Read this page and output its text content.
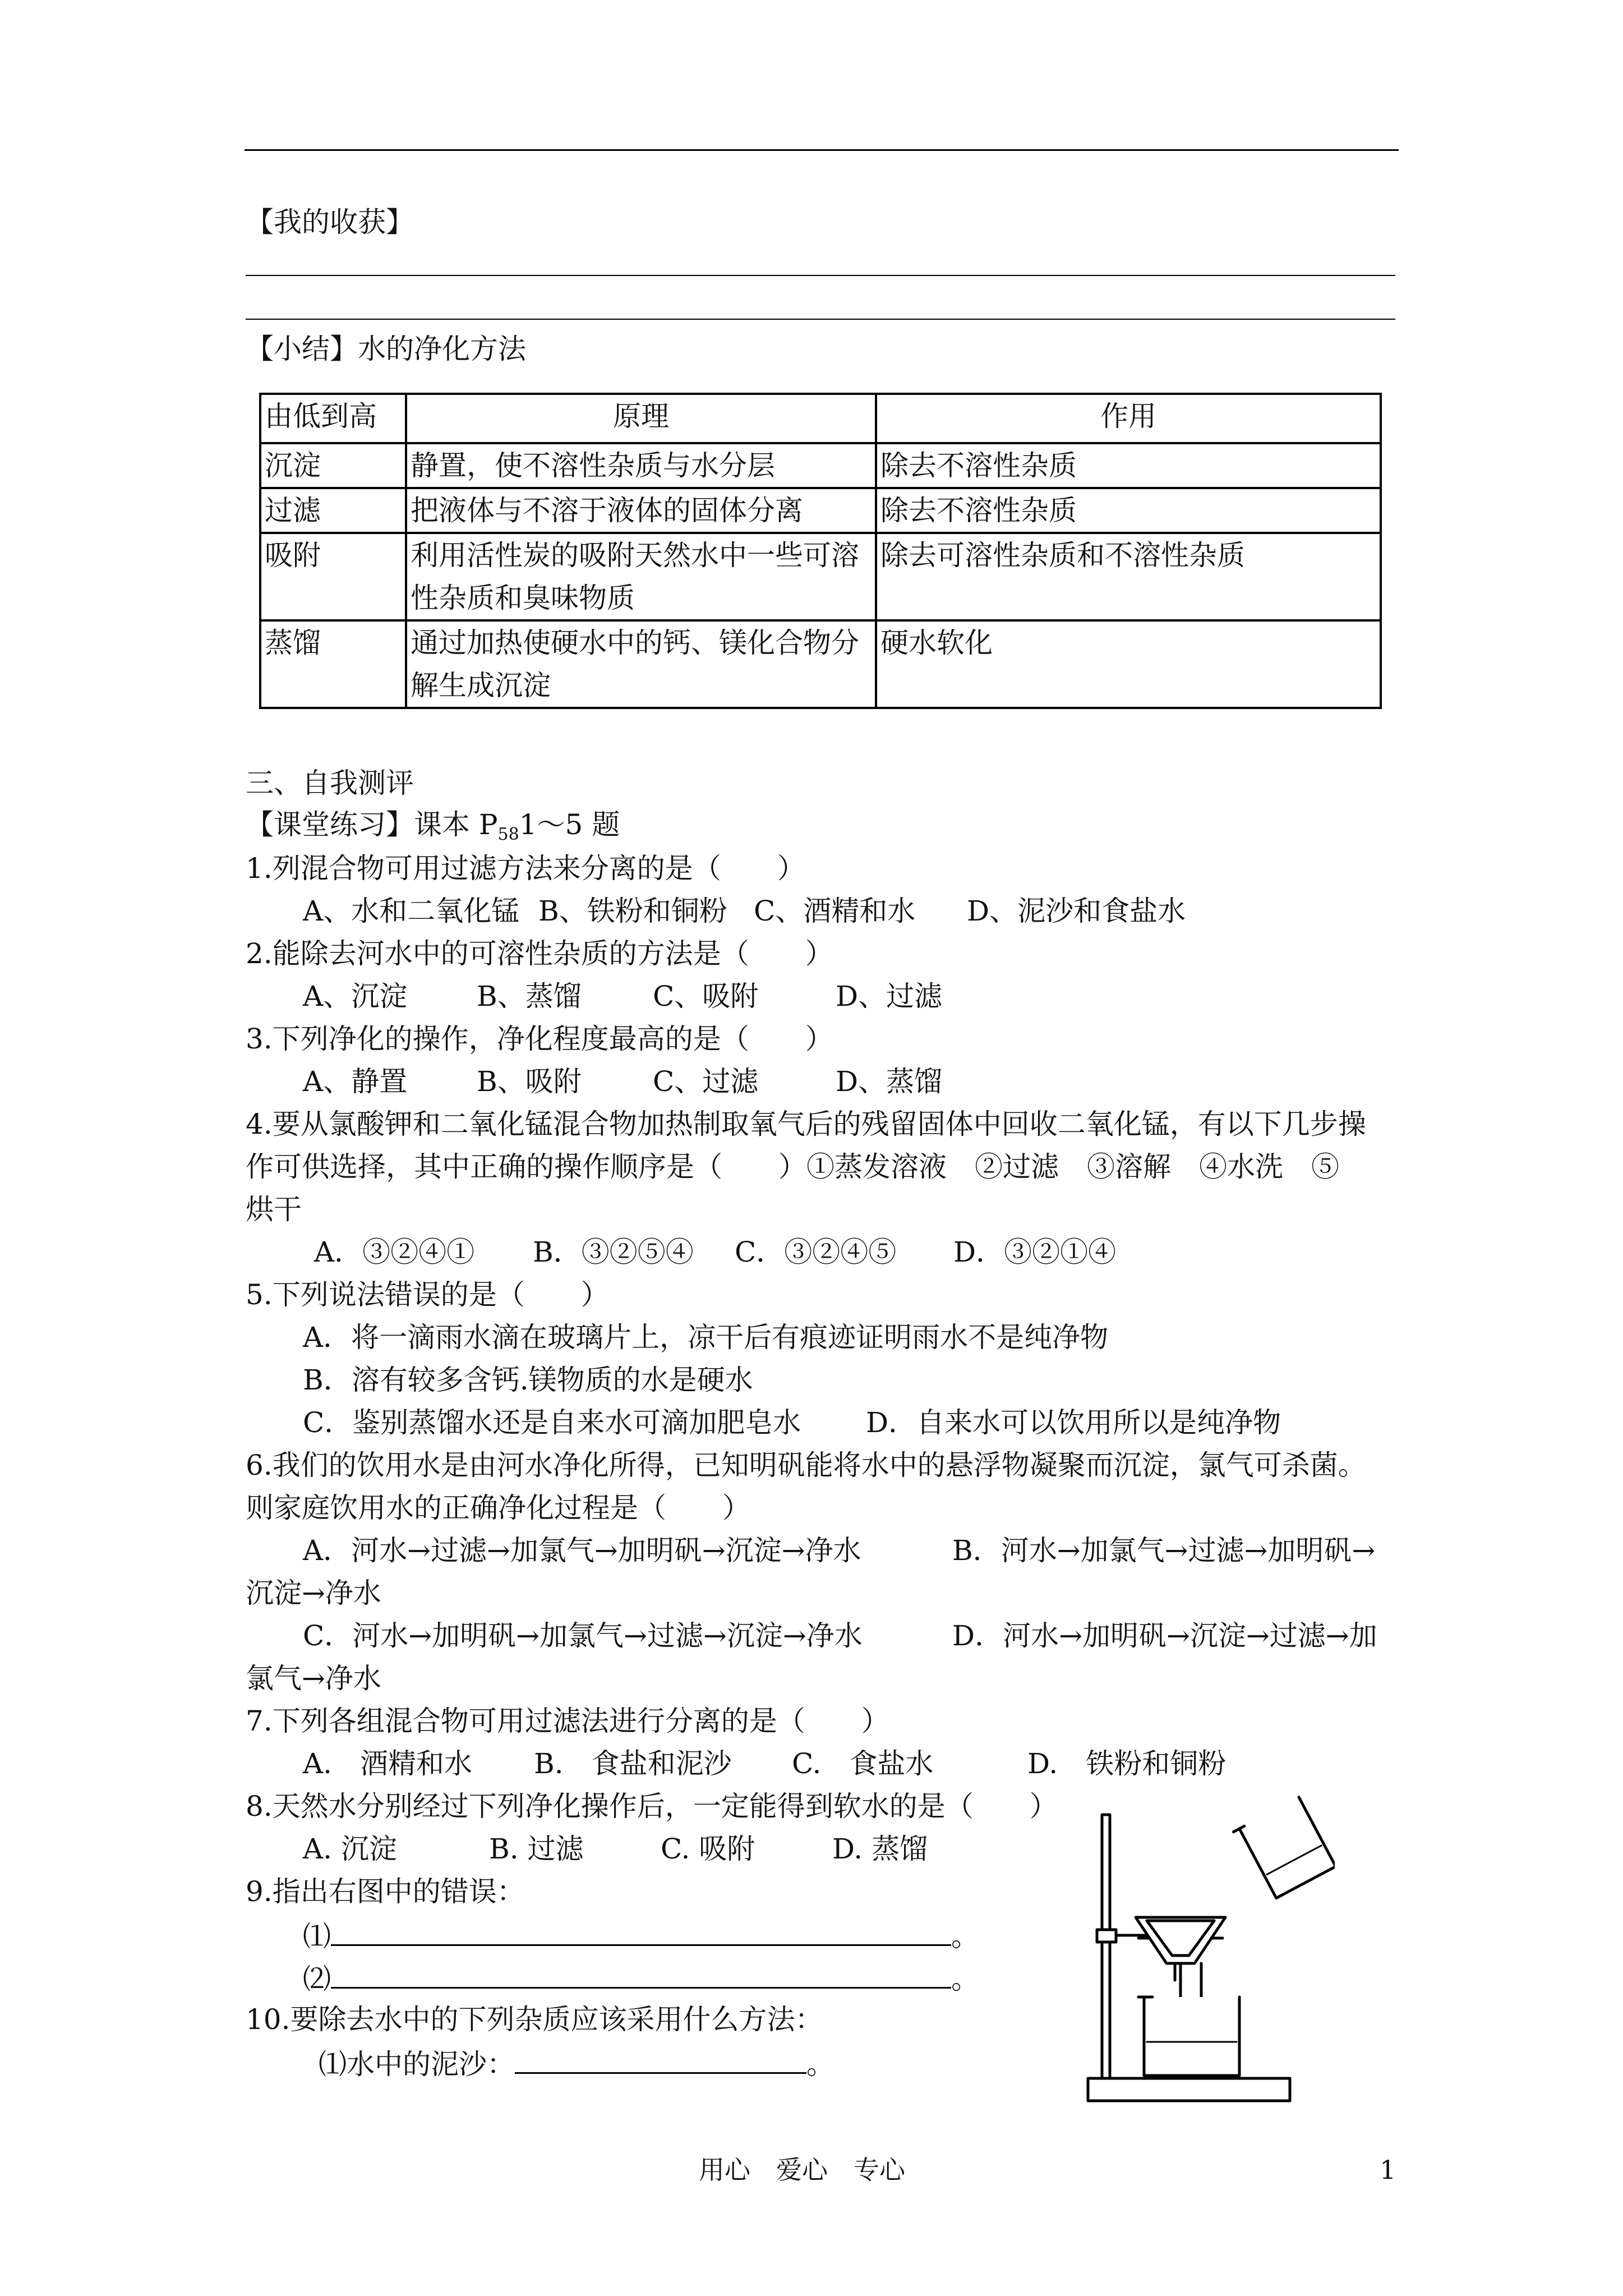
【我的收获】
【小结】水的净化方法
由低到高	原理	作用
沉淀	静置，使不溶性杂质与水分层	除去不溶性杂质
过滤	把液体与不溶于液体的固体分离	除去不溶性杂质
吸附	利用活性炭的吸附天然水中一些可溶性杂质和臭味物质	除去可溶性杂质和不溶性杂质
蒸馏	通过加热使硬水中的钙、镁化合物分解生成沉淀	硬水软化
三、自我测评
【课堂练习】课本 $P_{58}1\sim 5$ 题
1.列混合物可用过滤方法来分离的是（　　）
A、水和二氧化锰 B、铁粉和铜粉 C、酒精和水 D、泥沙和食盐水
2.能除去河水中的可溶性杂质的方法是（　　）
A、沉淀 B、蒸馏	C、吸附	D、过滤
3.下列净化的操作，净化程度最高的是（　　）
A、静置 B、吸附	C、过滤	D、蒸馏
4.要从氯酸钾和二氧化锰混合物加热制取氧气后的残留固体中回收二氧化锰，有以下几步操
作可供选择，其中正确的操作顺序是（　　）①蒸发溶液　②过滤　③溶解　④水洗　⑤
烘干
A．③②④① B．③②⑤④ C．③②④⑤ D．③②①④
5.下列说法错误的是（　　）
A．将一滴雨水滴在玻璃片上，凉干后有痕迹证明雨水不是纯净物
B．溶有较多含钙.镁物质的水是硬水
C．鉴别蒸馏水还是自来水可滴加肥皂水 D．自来水可以饮用所以是纯净物
6.我们的饮用水是由河水净化所得，已知明矾能将水中的悬浮物凝聚而沉淀，氯气可杀菌。
则家庭饮用水的正确净化过程是（　　）
A．河水→过滤→加氯气→加明矾→沉淀→净水	B．河水→加氯气→过滤→加明矾→
沉淀→净水
C．河水→加明矾→加氯气→过滤→沉淀→净水	D．河水→加明矾→沉淀→过滤→加
氯气→净水
7.下列各组混合物可用过滤法进行分离的是（　　）
A.　酒精和水 B.　食盐和泥沙 C.　食盐水	D.　铁粉和铜粉
8.天然水分别经过下列净化操作后，一定能得到软水的是（　　）
A. 沉淀	B. 过滤	C. 吸附	D. 蒸馏
9.指出右图中的错误：
⑴	。
⑵	。
10.要除去水中的下列杂质应该采用什么方法：
⑴水中的泥沙：	。
用心　爱心　专心	1
